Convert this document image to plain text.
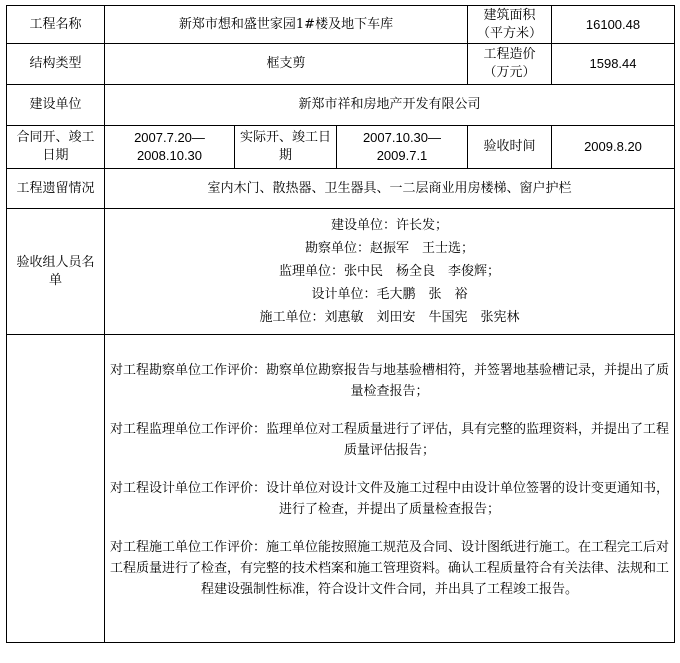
工程名称	新郑市想和盛世家园1#楼及地下车库			建筑面积（平方米）	16100.48
结构类型	框支剪			工程造价（万元）	1598.44
建设单位	新郑市祥和房地产开发有限公司				
合同开、竣工日期	2007.7.20—2008.10.30	实际开、竣工日期	2007.10.30—2009.7.1	验收时间	2009.8.20
工程遗留情况	室内木门、散热器、卫生器具、一二层商业用房楼梯、窗户护栏				
验收组人员名单	建设单位：许长发；
勘察单位：赵振军　王士选；
监理单位：张中民　杨全良　李俊辉；
设计单位：毛大鹏　张　裕
施工单位：刘惠敏　刘田安　牛国宪　张宪林				

	对工程勘察单位工作评价：勘察单位勘察报告与地基验槽相符，并签署地基验槽记录，并提出了质 量检查报告；

对工程监理单位工作评价：监理单位对工程质量进行了评估，具有完整的监理资料，并提出了工程 质量评估报告；

对工程设计单位工作评价：设计单位对设计文件及施工过程中由设计单位签署的设计变更通知书， 进行了检查，并提出了质量检查报告；

对工程施工单位工作评价：施工单位能按照施工规范及合同、设计图纸进行施工。在工程完工后对 工程质量进行了检查，有完整的技术档案和施工管理资料。确认工程质量符合有关法律、法规和工程建设强制性标准，符合设计文件合同，并出具了工程竣工报告。				
